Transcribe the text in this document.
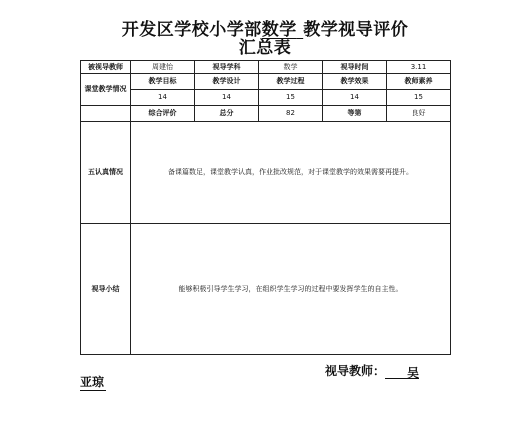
开发区学校小学部数学 教学视导评价
汇总表
被视导教师	周建怡	视导学科	数学	视导时间	3.11
课堂教学情况	教学目标	教学设计	教学过程	教学效果	教师素养
	14	14	15	14	15
	综合评价	总分	82	等第	良好
五认真情况	备课篇数足，课堂教学认真，作业批改规范，对于课堂教学的效果需要再提升。				
视导小结	能够积极引导学生学习，在组织学生学习的过程中要发挥学生的自主性。				
视导教师： 吴
亚琼
